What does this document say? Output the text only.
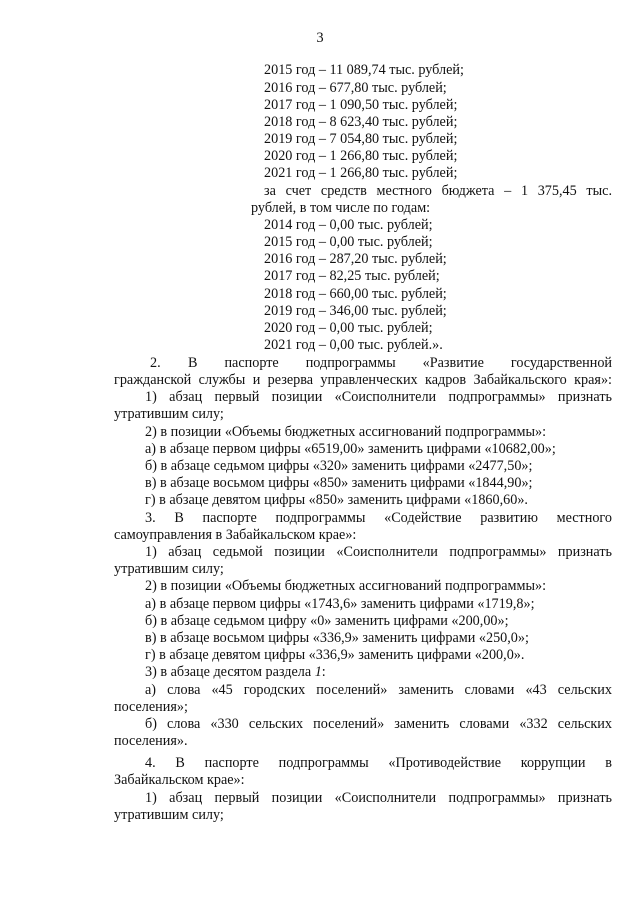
3
2015 год – 11 089,74 тыс. рублей;
2016 год – 677,80 тыс. рублей;
2017 год – 1 090,50 тыс. рублей;
2018 год – 8 623,40 тыс. рублей;
2019 год – 7 054,80 тыс. рублей;
2020 год – 1 266,80 тыс. рублей;
2021 год – 1 266,80 тыс. рублей;
за счет средств местного бюджета – 1 375,45 тыс.
рублей, в том числе по годам:
2014 год – 0,00 тыс. рублей;
2015 год – 0,00 тыс. рублей;
2016 год – 287,20 тыс. рублей;
2017 год – 82,25 тыс. рублей;
2018 год – 660,00 тыс. рублей;
2019 год – 346,00 тыс. рублей;
2020 год – 0,00 тыс. рублей;
2021 год – 0,00 тыс. рублей.».
2. В паспорте подпрограммы «Развитие государственной
гражданской службы и резерва управленческих кадров Забайкальского края»:
1) абзац первый позиции «Соисполнители подпрограммы» признать
утратившим силу;
2) в позиции «Объемы бюджетных ассигнований подпрограммы»:
а) в абзаце первом цифры «6519,00» заменить цифрами «10682,00»;
б) в абзаце седьмом цифры «320» заменить цифрами «2477,50»;
в) в абзаце восьмом цифры «850» заменить цифрами «1844,90»;
г) в абзаце девятом цифры «850» заменить цифрами «1860,60».
3. В паспорте подпрограммы «Содействие развитию местного
самоуправления в Забайкальском крае»:
1) абзац седьмой позиции «Соисполнители подпрограммы» признать
утратившим силу;
2) в позиции «Объемы бюджетных ассигнований подпрограммы»:
а) в абзаце первом цифры «1743,6» заменить цифрами «1719,8»;
б) в абзаце седьмом цифру «0» заменить цифрами «200,00»;
в) в абзаце восьмом цифры «336,9» заменить цифрами «250,0»;
г) в абзаце девятом цифры «336,9» заменить цифрами «200,0».
3) в абзаце десятом раздела 1:
а) слова «45 городских поселений» заменить словами «43 сельских
поселения»;
б) слова «330 сельских поселений» заменить словами «332 сельских
поселения».
4. В паспорте подпрограммы «Противодействие коррупции в
Забайкальском крае»:
1) абзац первый позиции «Соисполнители подпрограммы» признать
утратившим силу;
